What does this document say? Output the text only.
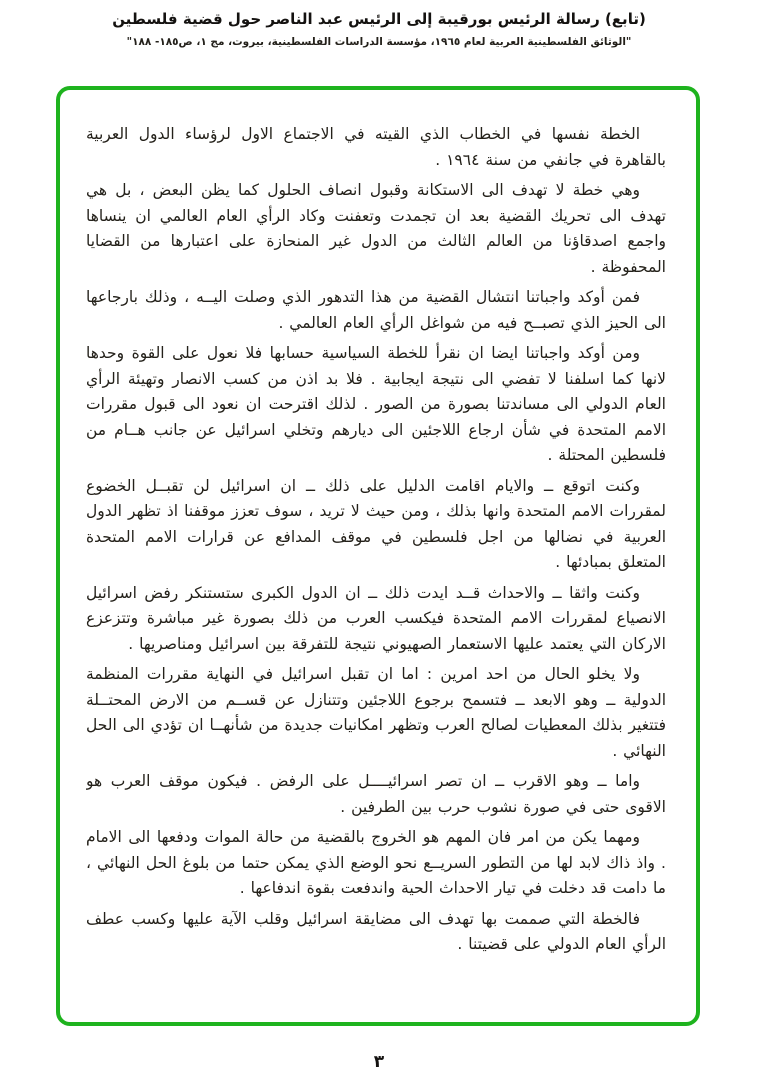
(تابع) رسالة الرئيس بورقيبة إلى الرئيس عبد الناصر حول قضية فلسطين
"الوثائق الفلسطينية العربية لعام ١٩٦٥، مؤسسة الدراسات الفلسطينية، بيروت، مج ١، ص١٨٥- ١٨٨"

الخطة نفسها في الخطاب الذي القيته في الاجتماع الاول لرؤساء الدول العربية بالقاهرة في جانفي من سنة ١٩٦٤ .

وهي خطة لا تهدف الى الاستكانة وقبول انصاف الحلول كما يظن البعض ، بل هي تهدف الى تحريك القضية بعد ان تجمدت وتعفنت وكاد الرأي العام العالمي ان ينساها واجمع اصدقاؤنا من العالم الثالث من الدول غير المنحازة على اعتبارها من القضايا المحفوظة .

فمن أوكد واجباتنا انتشال القضية من هذا التدهور الذي وصلت اليــه ، وذلك بارجاعها الى الحيز الذي تصبــح فيه من شواغل الرأي العام العالمي .

ومن أوكد واجباتنا ايضا ان نقرأ للخطة السياسية حسابها فلا نعول على القوة وحدها لانها كما اسلفنا لا تفضي الى نتيجة ايجابية . فلا بد اذن من كسب الانصار وتهيئة الرأي العام الدولي الى مساندتنا بصورة من الصور . لذلك اقترحت ان نعود الى قبول مقررات الامم المتحدة في شأن ارجاع اللاجئين الى ديارهم وتخلي اسرائيل عن جانب هــام من فلسطين المحتلة .

وكنت اتوقع ــ والايام اقامت الدليل على ذلك ــ ان اسرائيل لن تقبــل الخضوع لمقررات الامم المتحدة وانها بذلك ، ومن حيث لا تريد ، سوف تعزز موقفنا اذ تظهر الدول العربية في نضالها من اجل فلسطين في موقف المدافع عن قرارات الامم المتحدة المتعلق بمبادئها .

وكنت واثقا ــ والاحداث قــد ايدت ذلك ــ ان الدول الكبرى ستستنكر رفض اسرائيل الانصياع لمقررات الامم المتحدة فيكسب العرب من ذلك بصورة غير مباشرة وتتزعزع الاركان التي يعتمد عليها الاستعمار الصهيوني نتيجة للتفرقة بين اسرائيل ومناصريها .

ولا يخلو الحال من احد امرين : اما ان تقبل اسرائيل في النهاية مقررات المنظمة الدولية ــ وهو الابعد ــ فتسمح برجوع اللاجئين وتتنازل عن قســم من الارض المحتــلة فتتغير بذلك المعطيات لصالح العرب وتظهر امكانيات جديدة من شأنهــا ان تؤدي الى الحل النهائي .

واما ــ وهو الاقرب ــ ان تصر اسرائيــــل على الرفض . فيكون موقف العرب هو الاقوى حتى في صورة نشوب حرب بين الطرفين .

ومهما يكن من امر فان المهم هو الخروج بالقضية من حالة الموات ودفعها الى الامام . واذ ذاك لابد لها من التطور السريــع نحو الوضع الذي يمكن حتما من بلوغ الحل النهائي ، ما دامت قد دخلت في تيار الاحداث الحية واندفعت بقوة اندفاعها .

فالخطة التي صممت بها تهدف الى مضايقة اسرائيل وقلب الآية عليها وكسب عطف الرأي العام الدولي على قضيتنا .

٣
